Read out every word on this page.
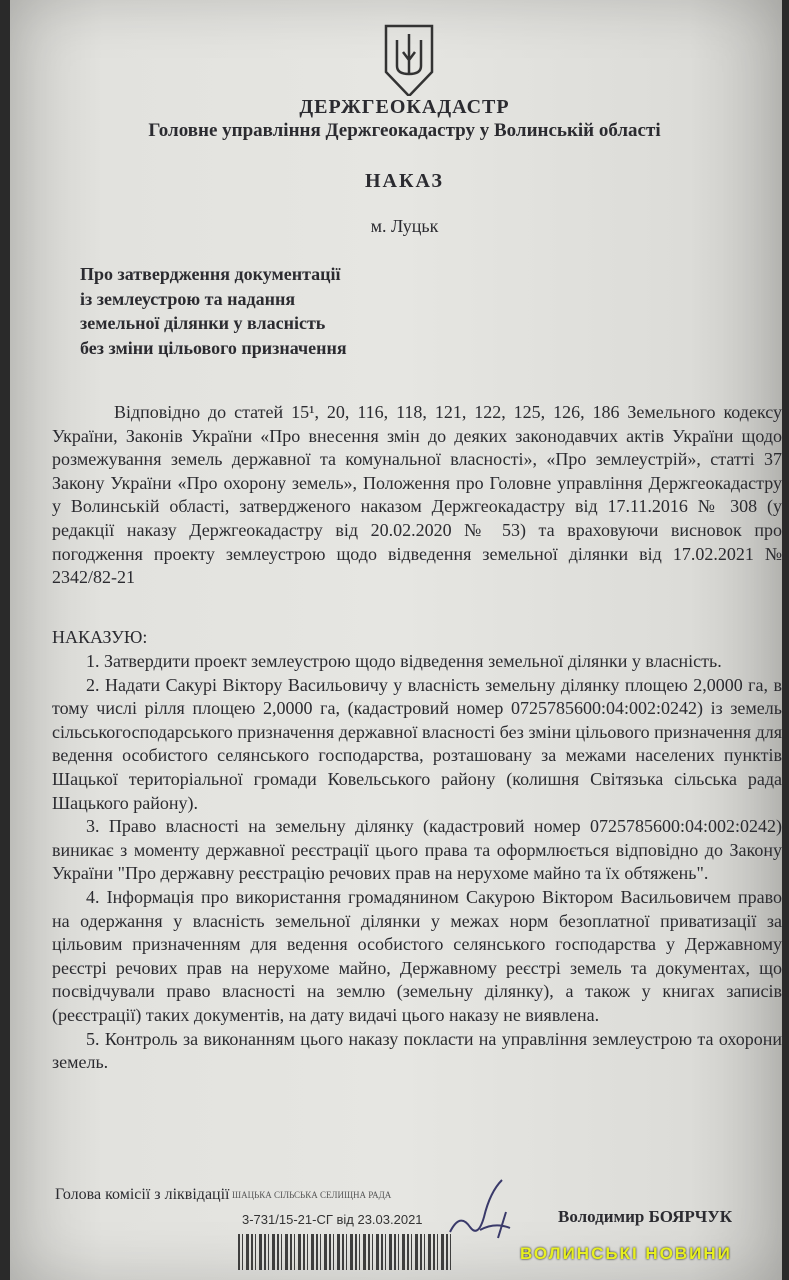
ДЕРЖГЕОКАДАСТР
Головне управління Держгеокадастру у Волинській області
НАКАЗ
м. Луцьк
Про затвердження документації
із землеустрою та надання
земельної ділянки у власність
без зміни цільового призначення
Відповідно до статей 15¹, 20, 116, 118, 121, 122, 125, 126, 186 Земельного кодексу України, Законів України «Про внесення змін до деяких законодавчих актів України щодо розмежування земель державної та комунальної власності», «Про землеустрій», статті 37 Закону України «Про охорону земель», Положення про Головне управління Держгеокадастру у Волинській області, затвердженого наказом Держгеокадастру від 17.11.2016 № 308 (у редакції наказу Держгеокадастру від 20.02.2020 № 53) та враховуючи висновок про погодження проекту землеустрою щодо відведення земельної ділянки від 17.02.2021 № 2342/82-21
НАКАЗУЮ:

1. Затвердити проект землеустрою щодо відведення земельної ділянки у власність.

2. Надати Сакурі Віктору Васильовичу у власність земельну ділянку площею 2,0000 га, в тому числі рілля площею 2,0000 га, (кадастровий номер 0725785600:04:002:0242) із земель сільськогосподарського призначення державної власності без зміни цільового призначення для ведення особистого селянського господарства, розташовану за межами населених пунктів Шацької територіальної громади Ковельського району (колишня Світязька сільська рада Шацького району).

3. Право власності на земельну ділянку (кадастровий номер 0725785600:04:002:0242) виникає з моменту державної реєстрації цього права та оформлюється відповідно до Закону України "Про державну реєстрацію речових прав на нерухоме майно та їх обтяжень".

4. Інформація про використання громадянином Сакурою Віктором Васильовичем право на одержання у власність земельної ділянки у межах норм безоплатної приватизації за цільовим призначенням для ведення особистого селянського господарства у Державному реєстрі речових прав на нерухоме майно, Державному реєстрі земель та документах, що посвідчували право власності на землю (земельну ділянку), а також у книгах записів (реєстрації) таких документів, на дату видачі цього наказу не виявлена.

5. Контроль за виконанням цього наказу покласти на управління землеустрою та охорони земель.

Голова комісії з ліквідації ШАЦЬКА СІЛЬСЬКА СЕЛИЩНА РАДА
3-731/15-21-СГ від 23.03.2021	Володимир БОЯРЧУК
ВОЛИНСЬКІ НОВИНИ
